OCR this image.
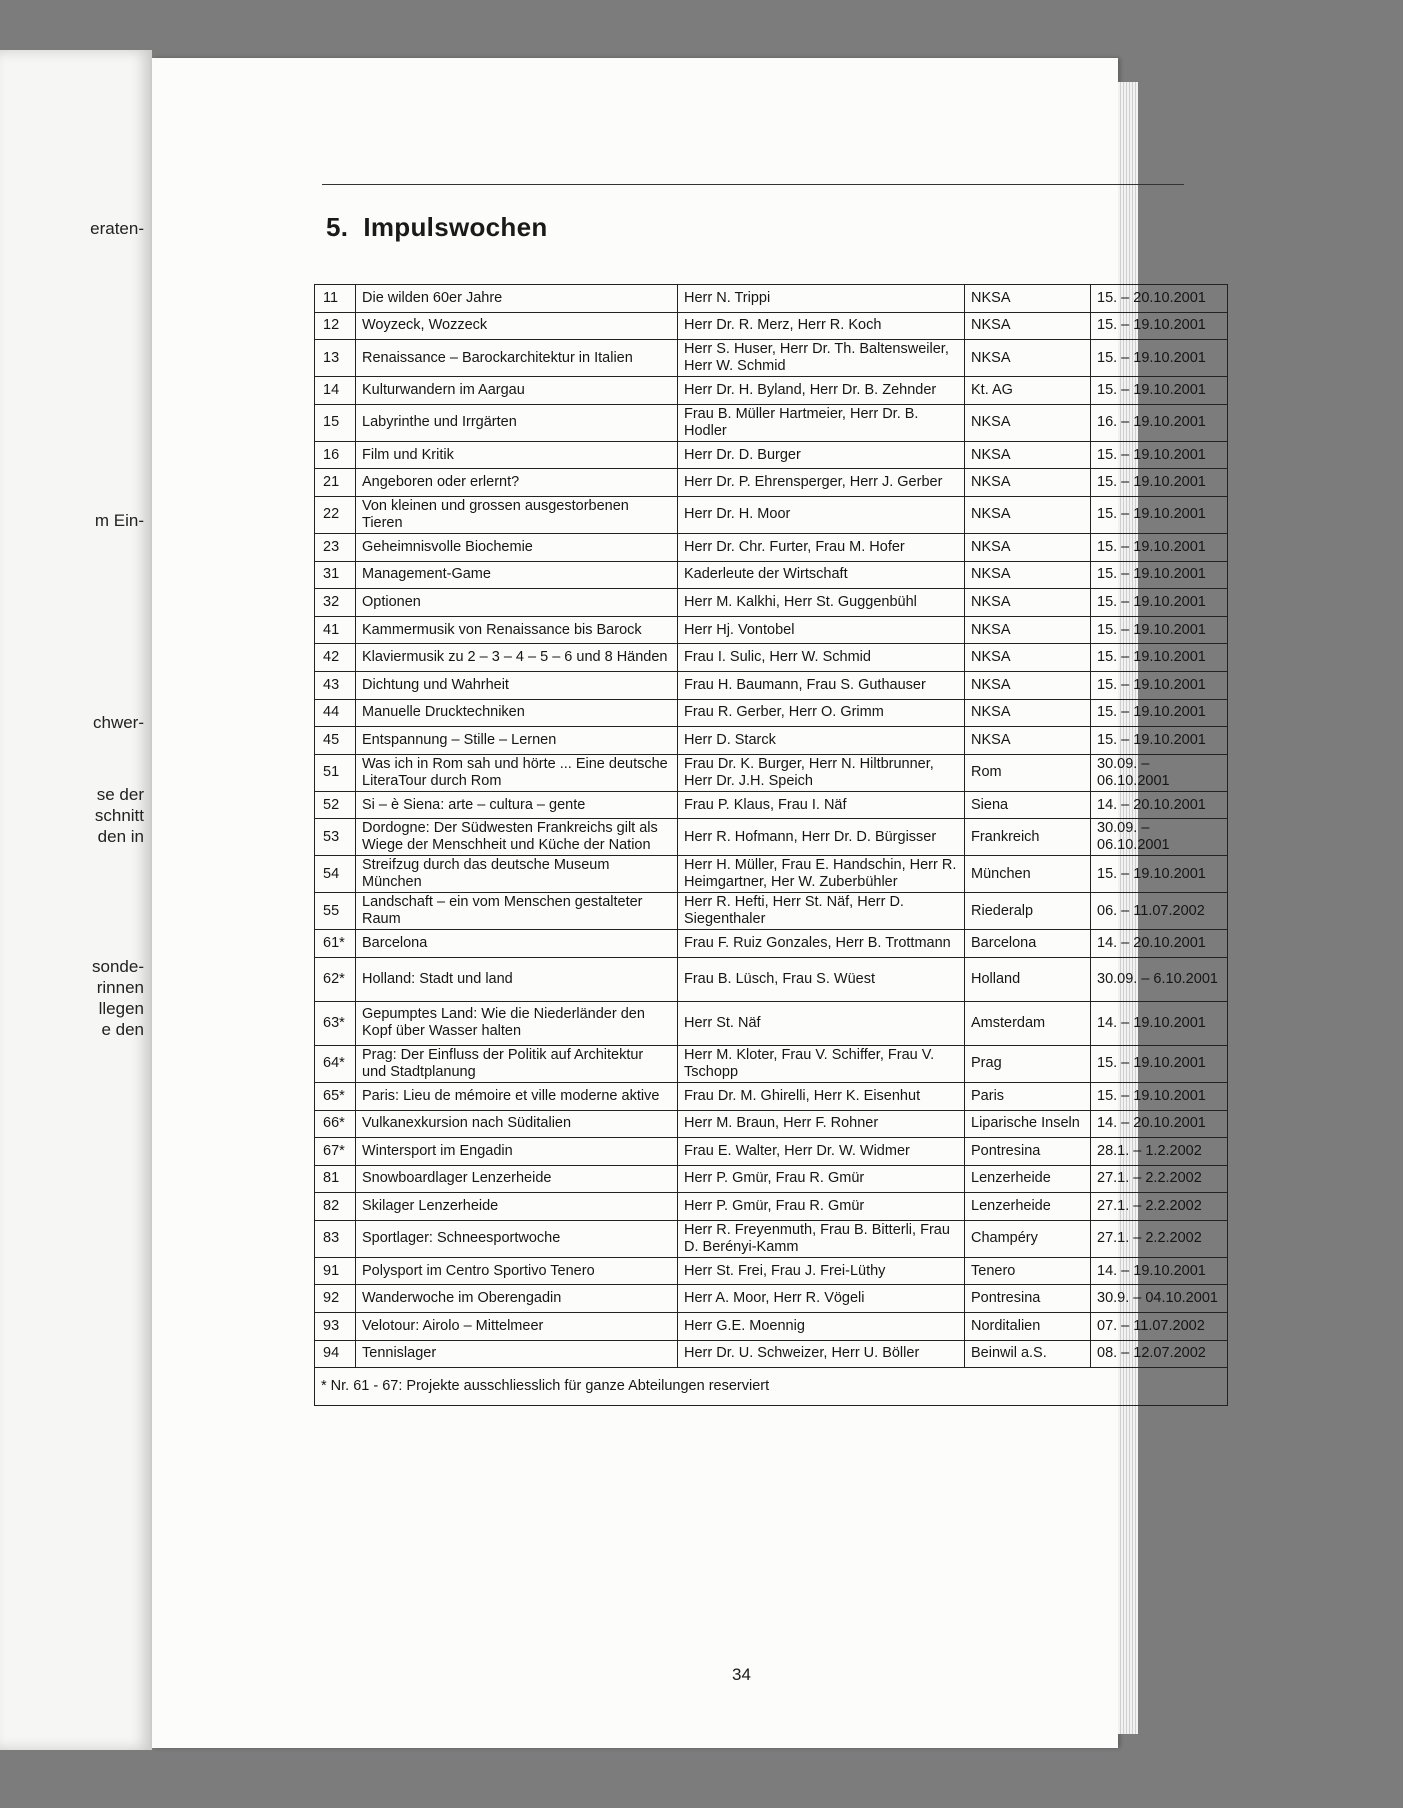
eraten-
m Ein-
chwer-
se der
schnitt
den in
sonde-
rinnen
llegen
e den
5. Impulswochen
11	Die wilden 60er Jahre	Herr N. Trippi	NKSA	15. – 20.10.2001
12	Woyzeck, Wozzeck	Herr Dr. R. Merz, Herr R. Koch	NKSA	15. – 19.10.2001
13	Renaissance – Barockarchitektur in Italien	Herr S. Huser, Herr Dr. Th. Baltensweiler, Herr W. Schmid	NKSA	15. – 19.10.2001
14	Kulturwandern im Aargau	Herr Dr. H. Byland, Herr Dr. B. Zehnder	Kt. AG	15. – 19.10.2001
15	Labyrinthe und Irrgärten	Frau B. Müller Hartmeier, Herr Dr. B. Hodler	NKSA	16. – 19.10.2001
16	Film und Kritik	Herr Dr. D. Burger	NKSA	15. – 19.10.2001
21	Angeboren oder erlernt?	Herr Dr. P. Ehrensperger, Herr J. Gerber	NKSA	15. – 19.10.2001
22	Von kleinen und grossen ausgestorbenen Tieren	Herr Dr. H. Moor	NKSA	15. – 19.10.2001
23	Geheimnisvolle Biochemie	Herr Dr. Chr. Furter, Frau M. Hofer	NKSA	15. – 19.10.2001
31	Management-Game	Kaderleute der Wirtschaft	NKSA	15. – 19.10.2001
32	Optionen	Herr M. Kalkhi, Herr St. Guggenbühl	NKSA	15. – 19.10.2001
41	Kammermusik von Renaissance bis Barock	Herr Hj. Vontobel	NKSA	15. – 19.10.2001
42	Klaviermusik zu 2 – 3 – 4 – 5 – 6 und 8 Händen	Frau I. Sulic, Herr W. Schmid	NKSA	15. – 19.10.2001
43	Dichtung und Wahrheit	Frau H. Baumann, Frau S. Guthauser	NKSA	15. – 19.10.2001
44	Manuelle Drucktechniken	Frau R. Gerber, Herr O. Grimm	NKSA	15. – 19.10.2001
45	Entspannung – Stille – Lernen	Herr D. Starck	NKSA	15. – 19.10.2001
51	Was ich in Rom sah und hörte ... Eine deutsche LiteraTour durch Rom	Frau Dr. K. Burger, Herr N. Hiltbrunner, Herr Dr. J.H. Speich	Rom	30.09. – 06.10.2001
52	Si – è Siena: arte – cultura – gente	Frau P. Klaus, Frau I. Näf	Siena	14. – 20.10.2001
53	Dordogne: Der Südwesten Frankreichs gilt als Wiege der Menschheit und Küche der Nation	Herr R. Hofmann, Herr Dr. D. Bürgisser	Frankreich	30.09. – 06.10.2001
54	Streifzug durch das deutsche Museum München	Herr H. Müller, Frau E. Handschin, Herr R. Heimgartner, Her W. Zuberbühler	München	15. – 19.10.2001
55	Landschaft – ein vom Menschen gestalteter Raum	Herr R. Hefti, Herr St. Näf, Herr D. Siegenthaler	Riederalp	06. – 11.07.2002
61*	Barcelona	Frau F. Ruiz Gonzales, Herr B. Trottmann	Barcelona	14. – 20.10.2001
62*	Holland: Stadt und land	Frau B. Lüsch, Frau S. Wüest	Holland	30.09. – 6.10.2001
63*	Gepumptes Land: Wie die Niederländer den Kopf über Wasser halten	Herr St. Näf	Amsterdam	14. – 19.10.2001
64*	Prag: Der Einfluss der Politik auf Architektur und Stadtplanung	Herr M. Kloter, Frau V. Schiffer, Frau V. Tschopp	Prag	15. – 19.10.2001
65*	Paris: Lieu de mémoire et ville moderne aktive	Frau Dr. M. Ghirelli, Herr K. Eisenhut	Paris	15. – 19.10.2001
66*	Vulkanexkursion nach Süditalien	Herr M. Braun, Herr F. Rohner	Liparische Inseln	14. – 20.10.2001
67*	Wintersport im Engadin	Frau E. Walter, Herr Dr. W. Widmer	Pontresina	28.1. – 1.2.2002
81	Snowboardlager Lenzerheide	Herr P. Gmür, Frau R. Gmür	Lenzerheide	27.1. – 2.2.2002
82	Skilager Lenzerheide	Herr P. Gmür, Frau R. Gmür	Lenzerheide	27.1. – 2.2.2002
83	Sportlager: Schneesportwoche	Herr R. Freyenmuth, Frau B. Bitterli, Frau D. Berényi-Kamm	Champéry	27.1. – 2.2.2002
91	Polysport im Centro Sportivo Tenero	Herr St. Frei, Frau J. Frei-Lüthy	Tenero	14. – 19.10.2001
92	Wanderwoche im Oberengadin	Herr A. Moor, Herr R. Vögeli	Pontresina	30.9. – 04.10.2001
93	Velotour: Airolo – Mittelmeer	Herr G.E. Moennig	Norditalien	07. – 11.07.2002
94	Tennislager	Herr Dr. U. Schweizer, Herr U. Böller	Beinwil a.S.	08. – 12.07.2002
* Nr. 61 - 67: Projekte ausschliesslich für ganze Abteilungen reserviert				
34
